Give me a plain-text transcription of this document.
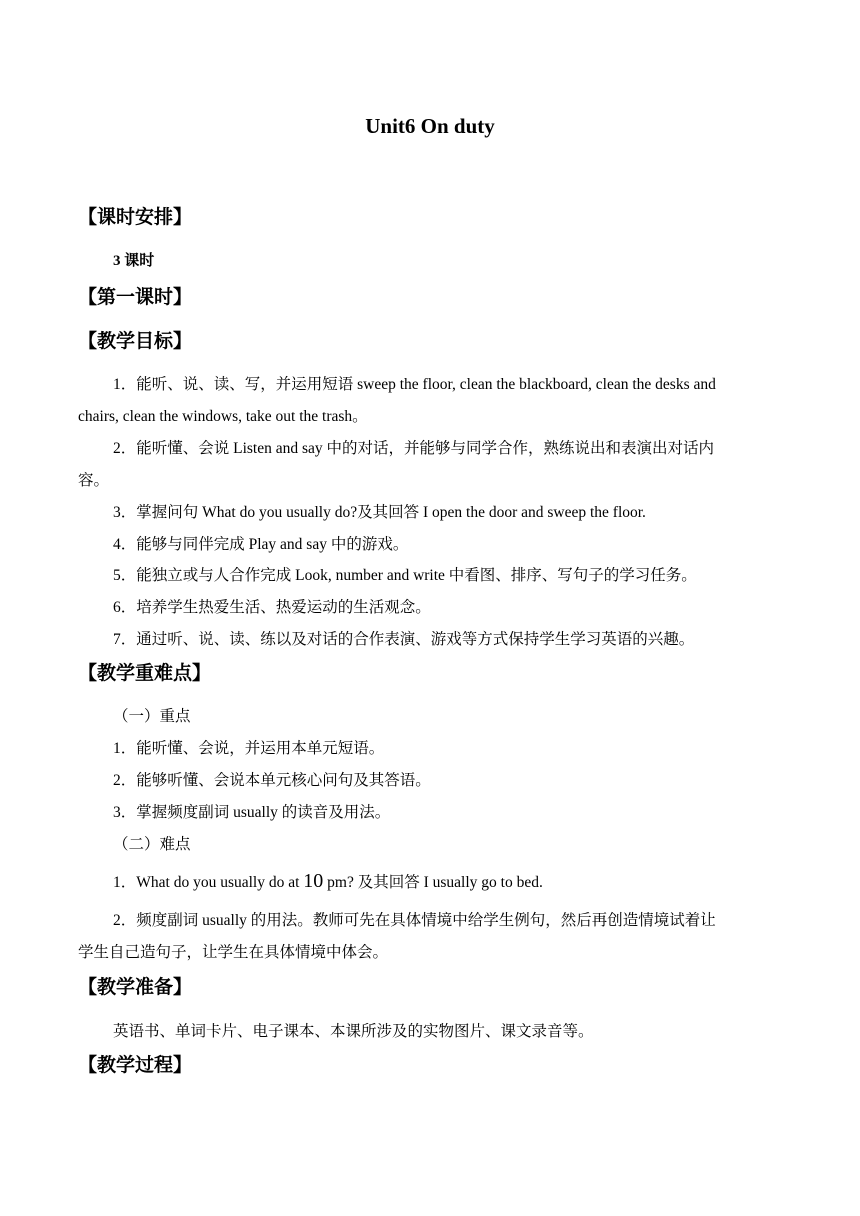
Unit6 On duty
【课时安排】
3 课时
【第一课时】
【教学目标】
1．能听、说、读、写，并运用短语 sweep the floor, clean the blackboard, clean the desks and
chairs, clean the windows, take out the trash。
2．能听懂、会说 Listen and say 中的对话，并能够与同学合作，熟练说出和表演出对话内
容。
3．掌握问句 What do you usually do?及其回答 I open the door and sweep the floor.
4．能够与同伴完成 Play and say 中的游戏。
5．能独立或与人合作完成 Look, number and write 中看图、排序、写句子的学习任务。
6．培养学生热爱生活、热爱运动的生活观念。
7．通过听、说、读、练以及对话的合作表演、游戏等方式保持学生学习英语的兴趣。
【教学重难点】
（一）重点
1．能听懂、会说，并运用本单元短语。
2．能够听懂、会说本单元核心问句及其答语。
3．掌握频度副词 usually 的读音及用法。
（二）难点
1．What do you usually do at 10 pm? 及其回答 I usually go to bed.
2．频度副词 usually 的用法。教师可先在具体情境中给学生例句，然后再创造情境试着让
学生自己造句子，让学生在具体情境中体会。
【教学准备】
英语书、单词卡片、电子课本、本课所涉及的实物图片、课文录音等。
【教学过程】
